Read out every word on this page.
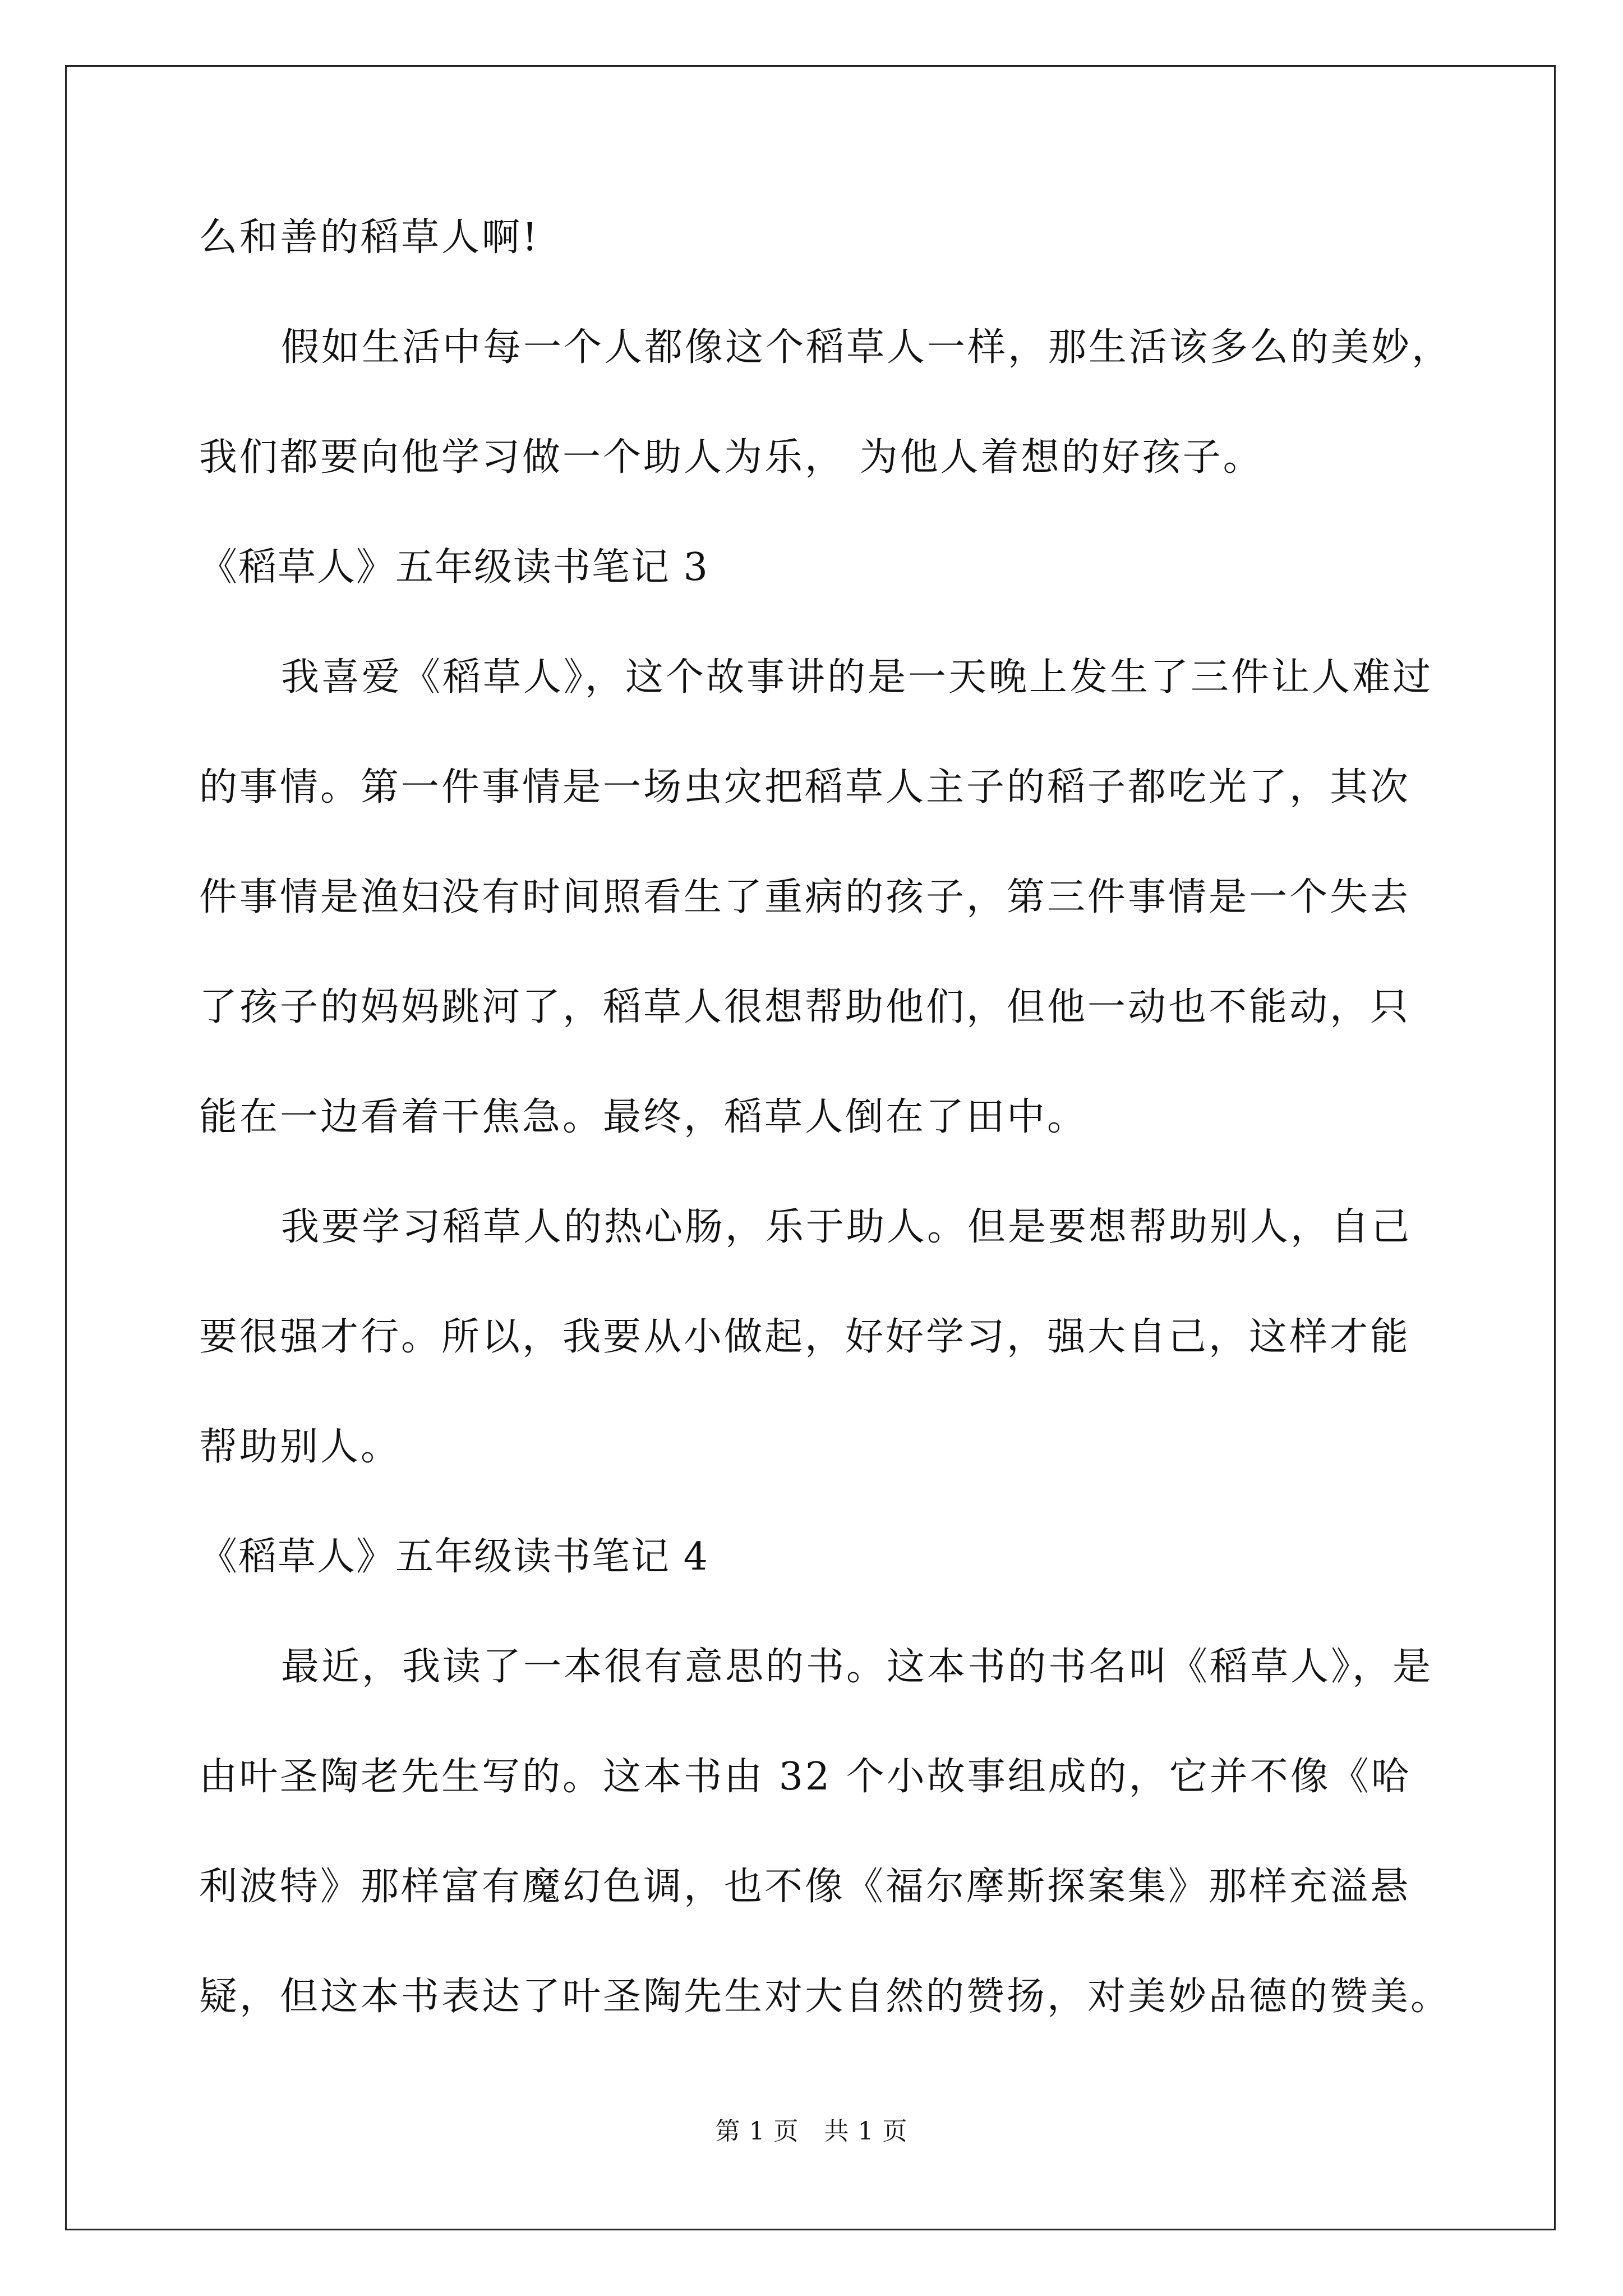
么和善的稻草人啊!
假如生活中每一个人都像这个稻草人一样，那生活该多么的美妙，
我们都要向他学习做一个助人为乐， 为他人着想的好孩子。
《稻草人》五年级读书笔记 3
我喜爱《稻草人》，这个故事讲的是一天晚上发生了三件让人难过
的事情。第一件事情是一场虫灾把稻草人主子的稻子都吃光了，其次
件事情是渔妇没有时间照看生了重病的孩子，第三件事情是一个失去
了孩子的妈妈跳河了，稻草人很想帮助他们，但他一动也不能动，只
能在一边看着干焦急。最终，稻草人倒在了田中。
我要学习稻草人的热心肠，乐于助人。但是要想帮助别人，自己
要很强才行。所以，我要从小做起，好好学习，强大自己，这样才能
帮助别人。
《稻草人》五年级读书笔记 4
最近，我读了一本很有意思的书。这本书的书名叫《稻草人》，是
由叶圣陶老先生写的。这本书由 32 个小故事组成的，它并不像《哈
利波特》那样富有魔幻色调，也不像《福尔摩斯探案集》那样充溢悬
疑，但这本书表达了叶圣陶先生对大自然的赞扬，对美妙品德的赞美。
第 1 页 共 1 页
